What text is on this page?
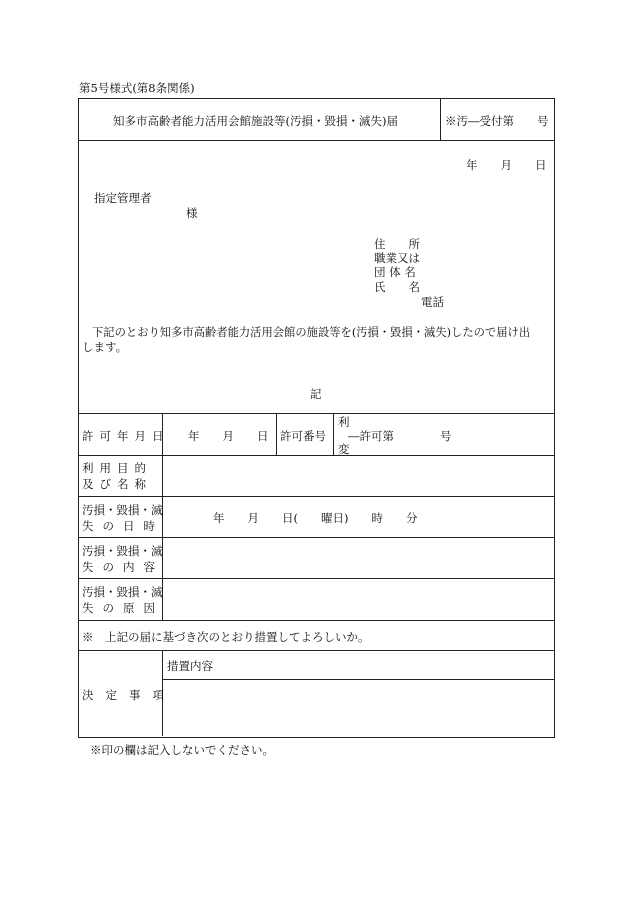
第5号様式(第8条関係)
知多市高齢者能力活用会館施設等(汚損・毀損・滅失)届	※汚―受付第　　号
年　　月　　日
指定管理者
様
住　　所
職業又は
団 体 名
氏　　名
電話
下記のとおり知多市高齢者能力活用会館の施設等を(汚損・毀損・滅失)したので届け出
します。
記
許可年月日 年　　月　　日 許可番号
利
―許可第　　　　号
変
利用目的
及び名称
汚損・毀損・滅
失の日時
年　　月　　日(　　曜日)　　時　　分
汚損・毀損・滅
失の内容
汚損・毀損・滅
失の原因
※　上記の届に基づき次のとおり措置してよろしいか。
決定事項
措置内容
※印の欄は記入しないでください。
